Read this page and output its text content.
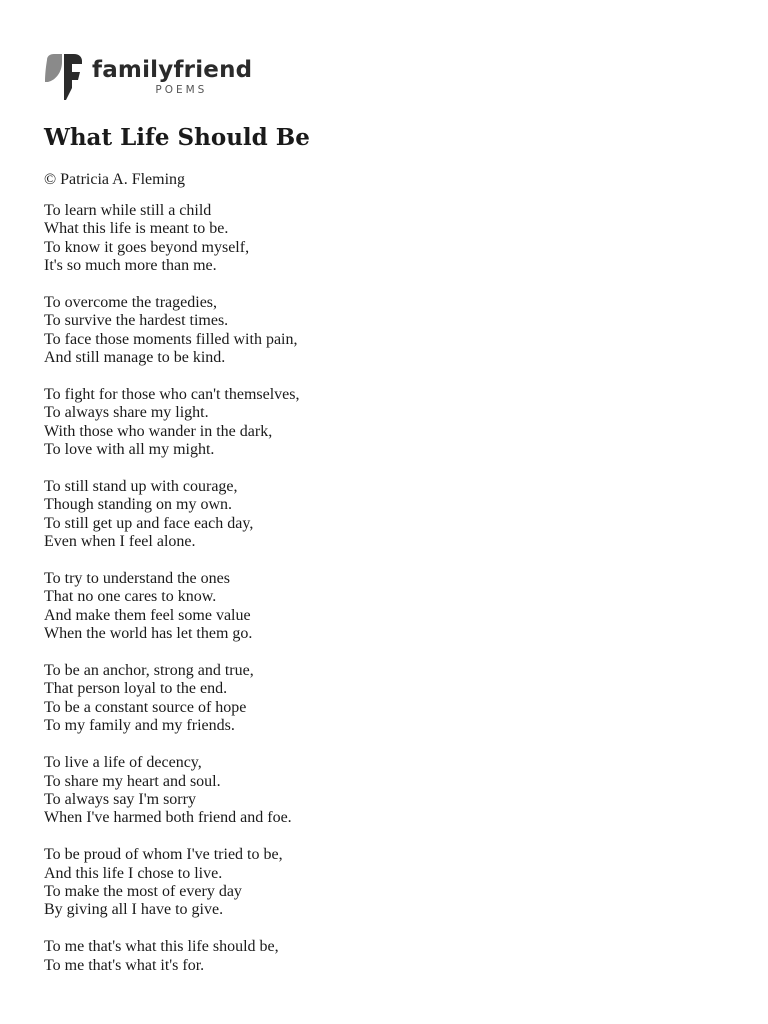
familyfriend
POEMS
What Life Should Be
© Patricia A. Fleming
To learn while still a child
What this life is meant to be.
To know it goes beyond myself,
It's so much more than me.
To overcome the tragedies,
To survive the hardest times.
To face those moments filled with pain,
And still manage to be kind.
To fight for those who can't themselves,
To always share my light.
With those who wander in the dark,
To love with all my might.
To still stand up with courage,
Though standing on my own.
To still get up and face each day,
Even when I feel alone.
To try to understand the ones
That no one cares to know.
And make them feel some value
When the world has let them go.
To be an anchor, strong and true,
That person loyal to the end.
To be a constant source of hope
To my family and my friends.
To live a life of decency,
To share my heart and soul.
To always say I'm sorry
When I've harmed both friend and foe.
To be proud of whom I've tried to be,
And this life I chose to live.
To make the most of every day
By giving all I have to give.
To me that's what this life should be,
To me that's what it's for.
